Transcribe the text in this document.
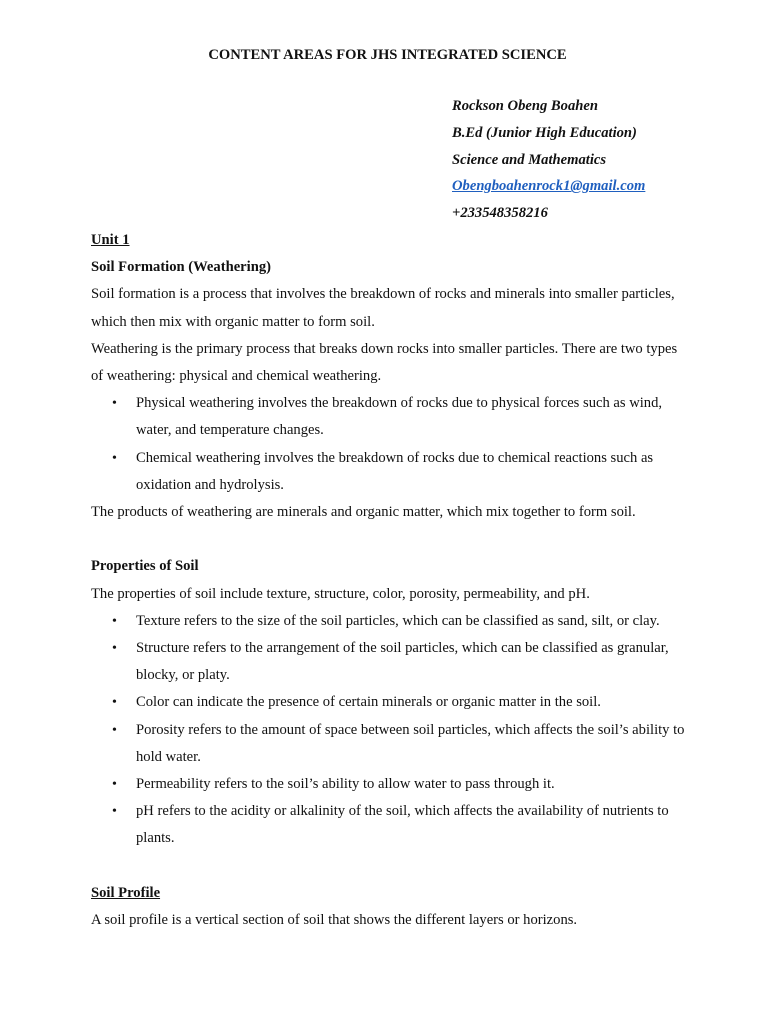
CONTENT AREAS FOR JHS INTEGRATED SCIENCE
Rockson Obeng Boahen
B.Ed (Junior High Education)
Science and Mathematics
Obengboahenrock1@gmail.com
+233548358216

Unit 1

Soil Formation (Weathering)

Soil formation is a process that involves the breakdown of rocks and minerals into smaller particles, which then mix with organic matter to form soil.

Weathering is the primary process that breaks down rocks into smaller particles. There are two types of weathering: physical and chemical weathering.

• Physical weathering involves the breakdown of rocks due to physical forces such as wind, water, and temperature changes.
• Chemical weathering involves the breakdown of rocks due to chemical reactions such as oxidation and hydrolysis.

The products of weathering are minerals and organic matter, which mix together to form soil.

Properties of Soil

The properties of soil include texture, structure, color, porosity, permeability, and pH.

• Texture refers to the size of the soil particles, which can be classified as sand, silt, or clay.
• Structure refers to the arrangement of the soil particles, which can be classified as granular, blocky, or platy.
• Color can indicate the presence of certain minerals or organic matter in the soil.
• Porosity refers to the amount of space between soil particles, which affects the soil’s ability to hold water.
• Permeability refers to the soil’s ability to allow water to pass through it.
• pH refers to the acidity or alkalinity of the soil, which affects the availability of nutrients to plants.

Soil Profile

A soil profile is a vertical section of soil that shows the different layers or horizons.
